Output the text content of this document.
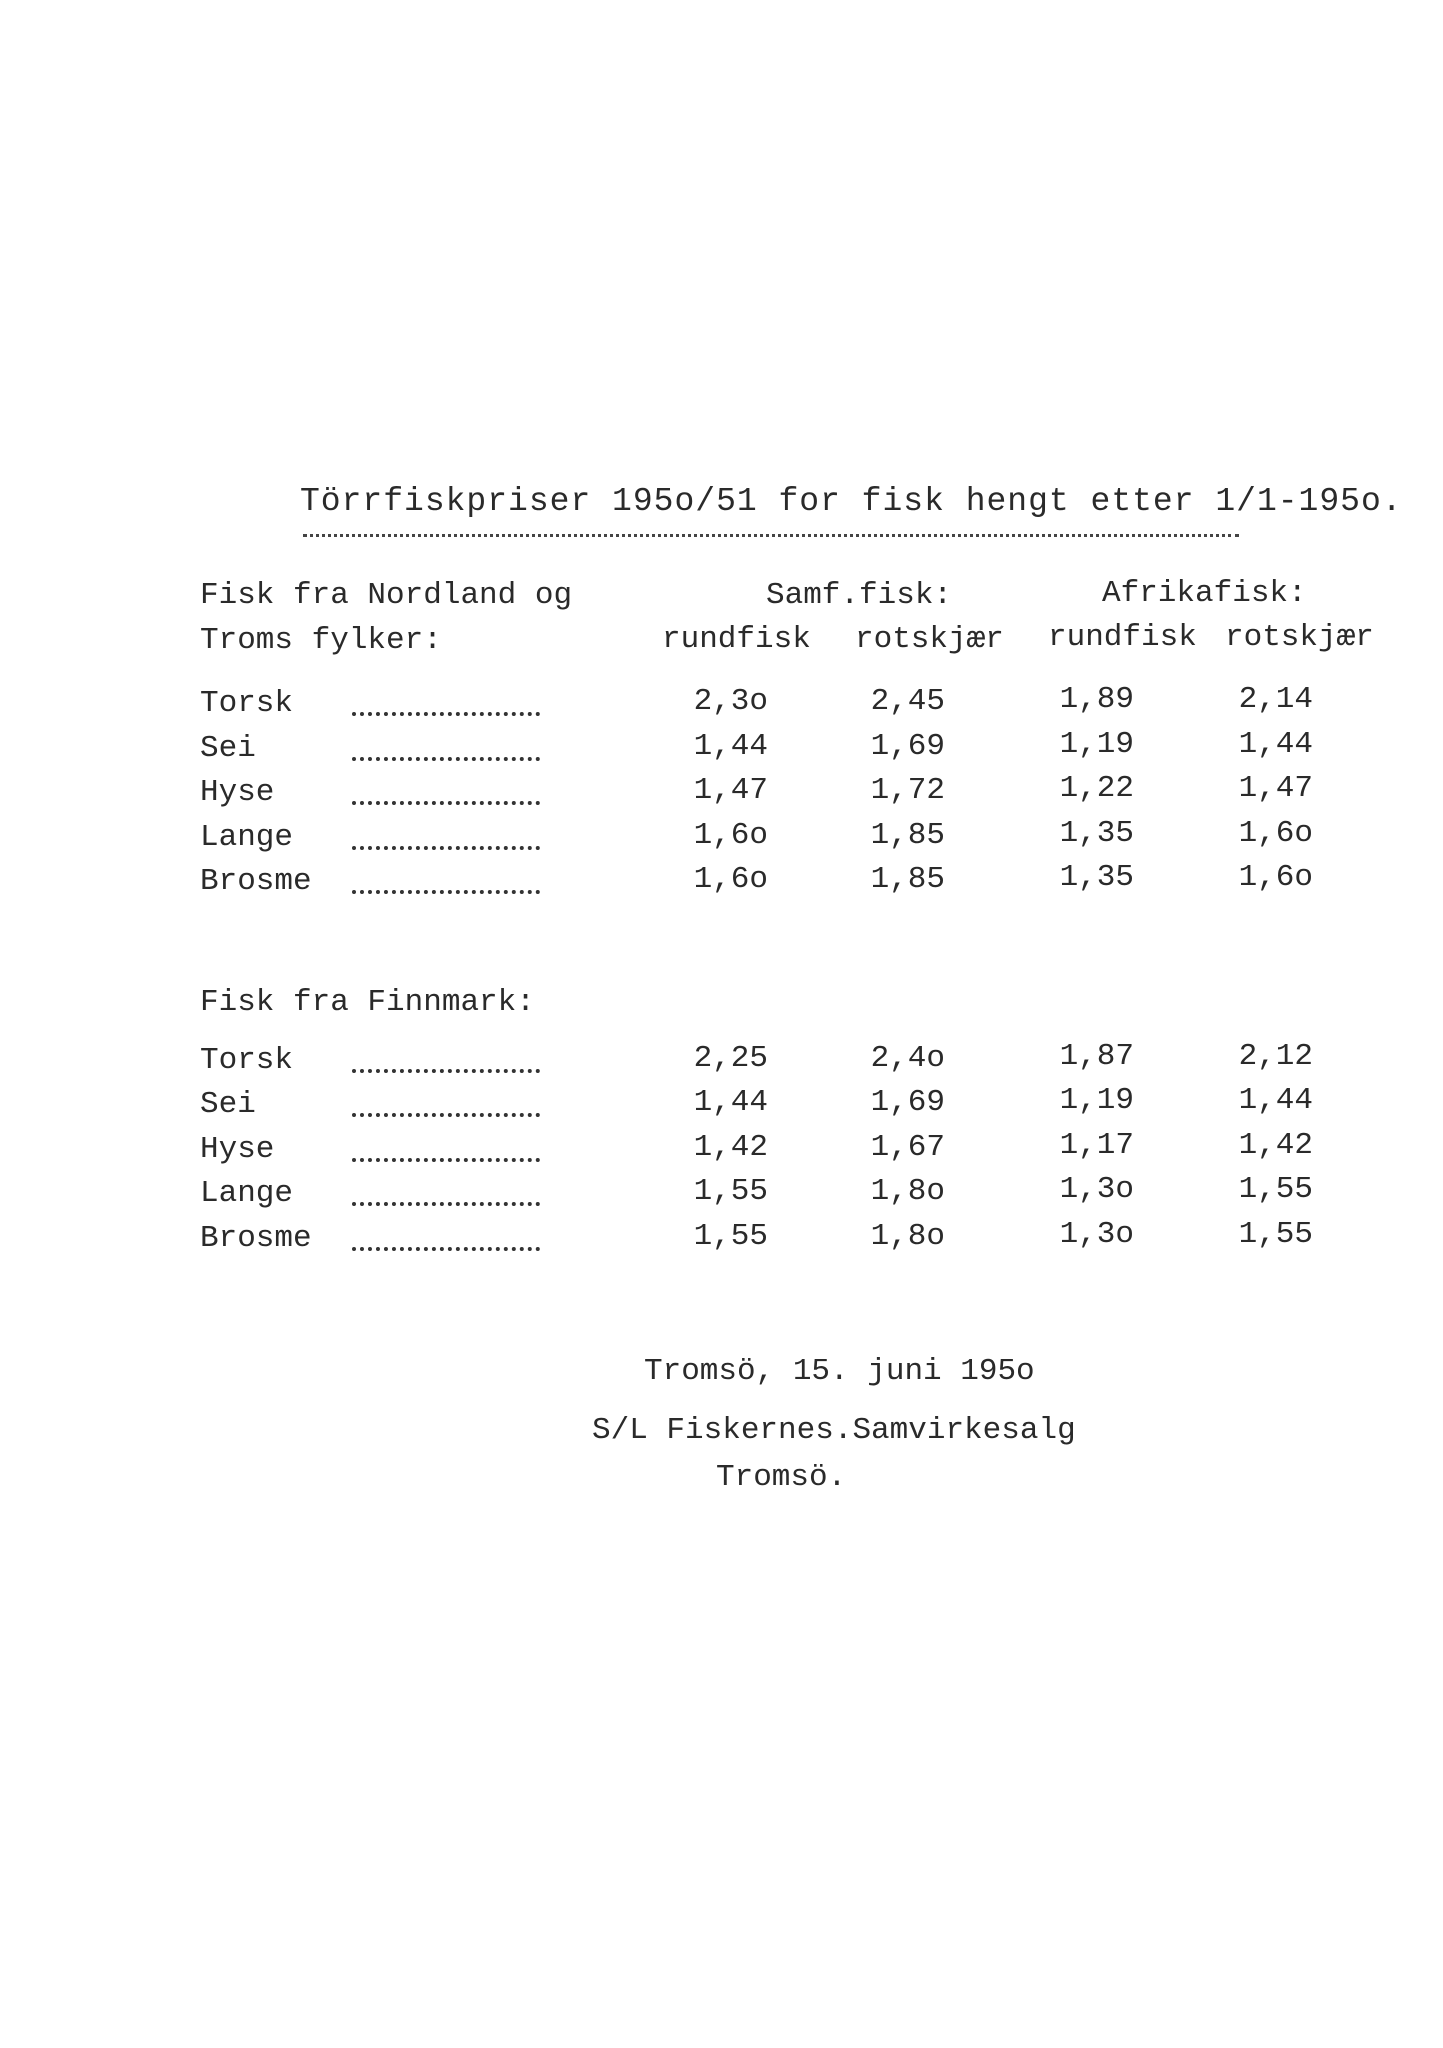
Törrfiskpriser 195o/51 for fisk hengt etter 1/1-195o.
Fisk fra Nordland og
Troms fylker:
Samf.fisk:	Afrikafisk:
rundfisk rotskjær rundfisk rotskjær
Torsk	2,3o	2,45	1,89	2,14
Sei	1,44	1,69	1,19	1,44
Hyse	1,47	1,72	1,22	1,47
Lange	1,6o	1,85	1,35	1,6o
Brosme	1,6o	1,85	1,35	1,6o
Fisk fra Finnmark:
Torsk	2,25	2,4o	1,87	2,12
Sei	1,44	1,69	1,19	1,44
Hyse	1,42	1,67	1,17	1,42
Lange	1,55	1,8o	1,3o	1,55
Brosme	1,55	1,8o	1,3o	1,55
Tromsö, 15. juni 195o
S/L Fiskernes.Samvirkesalg
Tromsö.
